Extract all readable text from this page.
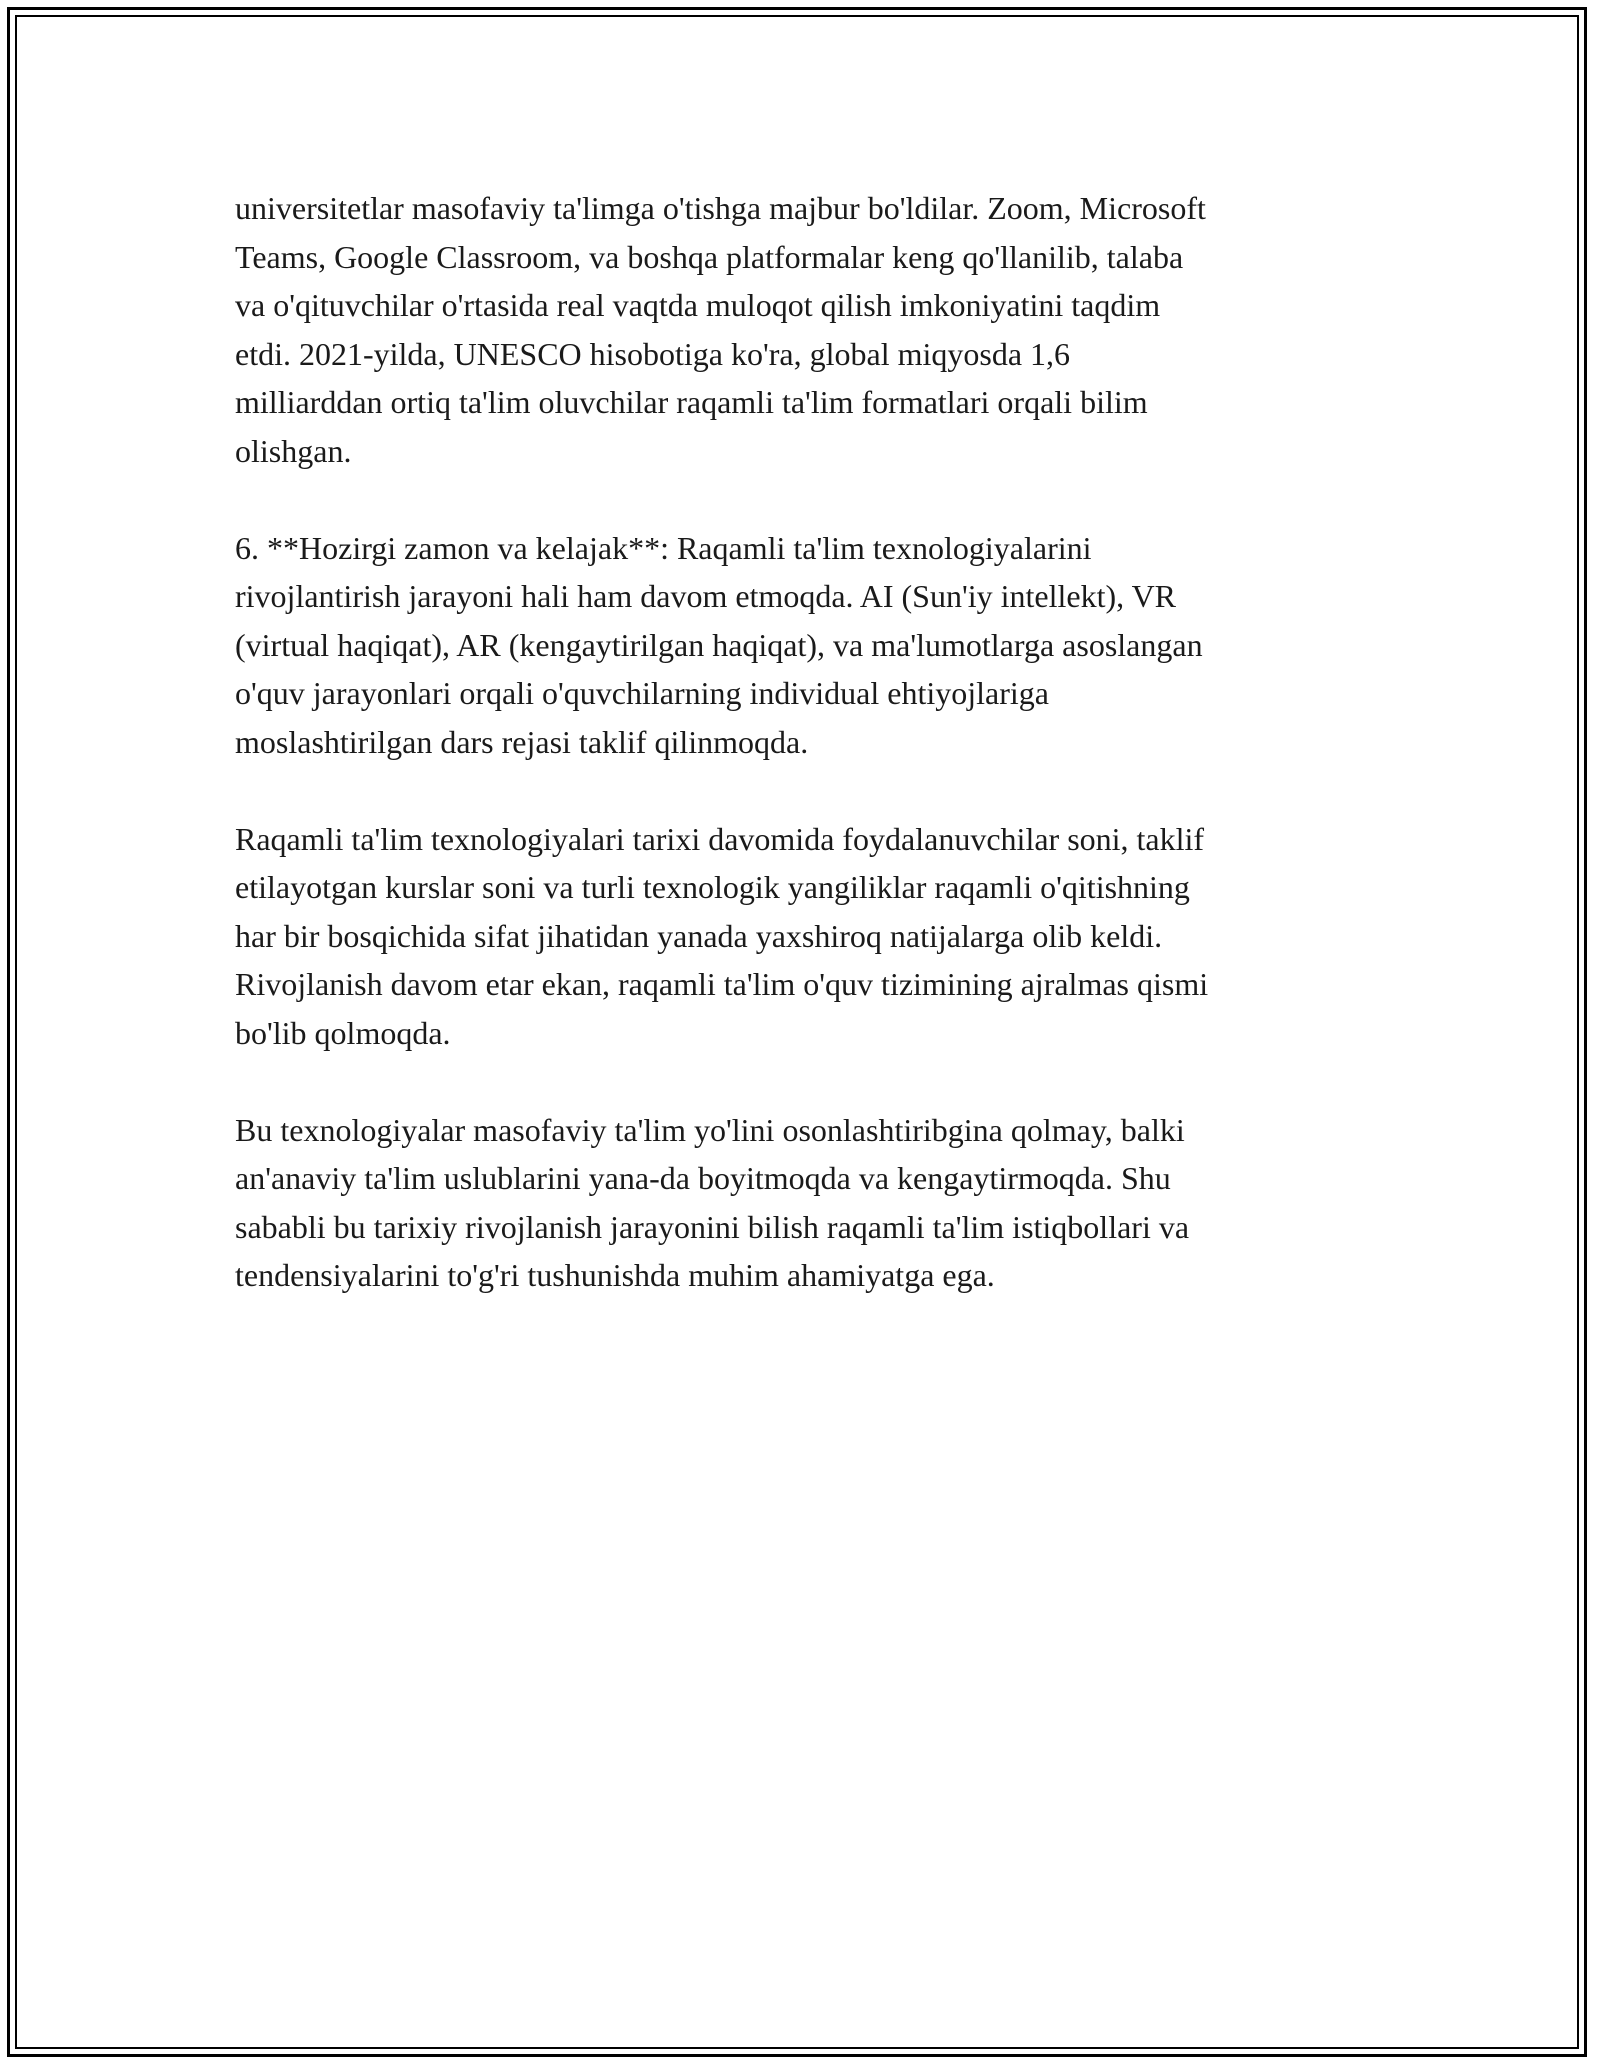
universitetlar masofaviy ta'limga o'tishga majbur bo'ldilar. Zoom, Microsoft
Teams, Google Classroom, va boshqa platformalar keng qo'llanilib, talaba
va o'qituvchilar o'rtasida real vaqtda muloqot qilish imkoniyatini taqdim
etdi. 2021-yilda, UNESCO hisobotiga ko'ra, global miqyosda 1,6
milliarddan ortiq ta'lim oluvchilar raqamli ta'lim formatlari orqali bilim
olishgan.

6. **Hozirgi zamon va kelajak**: Raqamli ta'lim texnologiyalarini
rivojlantirish jarayoni hali ham davom etmoqda. AI (Sun'iy intellekt), VR
(virtual haqiqat), AR (kengaytirilgan haqiqat), va ma'lumotlarga asoslangan
o'quv jarayonlari orqali o'quvchilarning individual ehtiyojlariga
moslashtirilgan dars rejasi taklif qilinmoqda.

Raqamli ta'lim texnologiyalari tarixi davomida foydalanuvchilar soni, taklif
etilayotgan kurslar soni va turli texnologik yangiliklar raqamli o'qitishning
har bir bosqichida sifat jihatidan yanada yaxshiroq natijalarga olib keldi.
Rivojlanish davom etar ekan, raqamli ta'lim o'quv tizimining ajralmas qismi
bo'lib qolmoqda.

Bu texnologiyalar masofaviy ta'lim yo'lini osonlashtiribgina qolmay, balki
an'anaviy ta'lim uslublarini yana-da boyitmoqda va kengaytirmoqda. Shu
sababli bu tarixiy rivojlanish jarayonini bilish raqamli ta'lim istiqbollari va
tendensiyalarini to'g'ri tushunishda muhim ahamiyatga ega.
